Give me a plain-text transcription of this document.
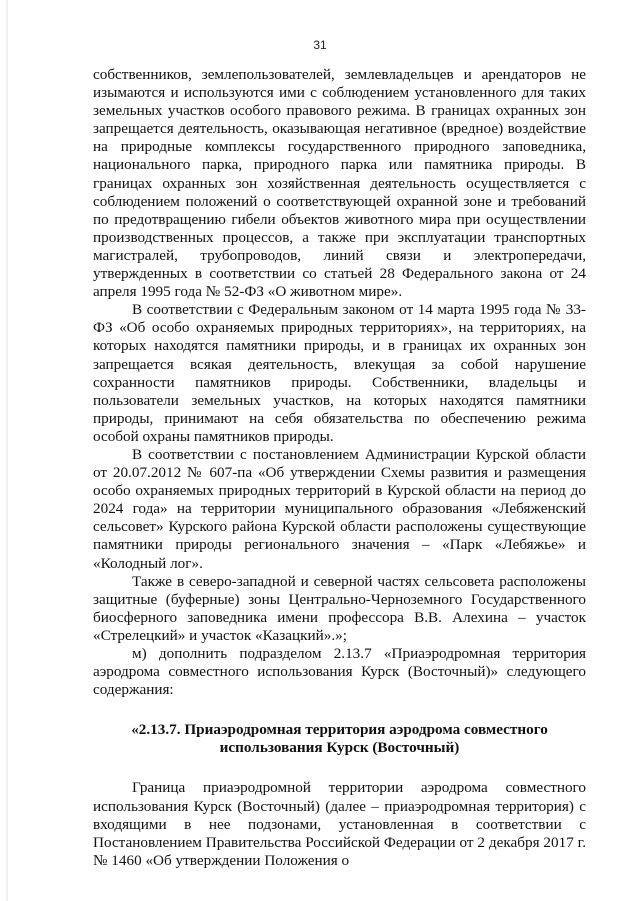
31

собственников, землепользователей, землевладельцев и арендаторов не изымаются и используются ими с соблюдением установленного для таких земельных участков особого правового режима. В границах охранных зон запрещается деятельность, оказывающая негативное (вредное) воздействие на природные комплексы государственного природного заповедника, национального парка, природного парка или памятника природы. В границах охранных зон хозяйственная деятельность осуществляется с соблюдением положений о соответствующей охранной зоне и требований по предотвращению гибели объектов животного мира при осуществлении производственных процессов, а также при эксплуатации транспортных магистралей, трубопроводов, линий связи и электропередачи, утвержденных в соответствии со статьей 28 Федерального закона от 24 апреля 1995 года № 52-ФЗ «О животном мире».

В соответствии с Федеральным законом от 14 марта 1995 года № 33-ФЗ «Об особо охраняемых природных территориях», на территориях, на которых находятся памятники природы, и в границах их охранных зон запрещается всякая деятельность, влекущая за собой нарушение сохранности памятников природы. Собственники, владельцы и пользователи земельных участков, на которых находятся памятники природы, принимают на себя обязательства по обеспечению режима особой охраны памятников природы.

В соответствии с постановлением Администрации Курской области от 20.07.2012 № 607-па «Об утверждении Схемы развития и размещения особо охраняемых природных территорий в Курской области на период до 2024 года» на территории муниципального образования «Лебяженский сельсовет» Курского района Курской области расположены существующие памятники природы регионального значения – «Парк «Лебяжье» и «Колодный лог».

Также в северо-западной и северной частях сельсовета расположены защитные (буферные) зоны Центрально-Черноземного Государственного биосферного заповедника имени профессора В.В. Алехина – участок «Стрелецкий» и участок «Казацкий».»;

м) дополнить подразделом 2.13.7 «Приаэродромная территория аэродрома совместного использования Курск (Восточный)» следующего содержания:

«2.13.7. Приаэродромная территория аэродрома совместного

использования Курск (Восточный)

Граница приаэродромной территории аэродрома совместного использования Курск (Восточный) (далее – приаэродромная территория) с входящими в нее подзонами, установленная в соответствии с Постановлением Правительства Российской Федерации от 2 декабря 2017 г. № 1460 «Об утверждении Положения о
